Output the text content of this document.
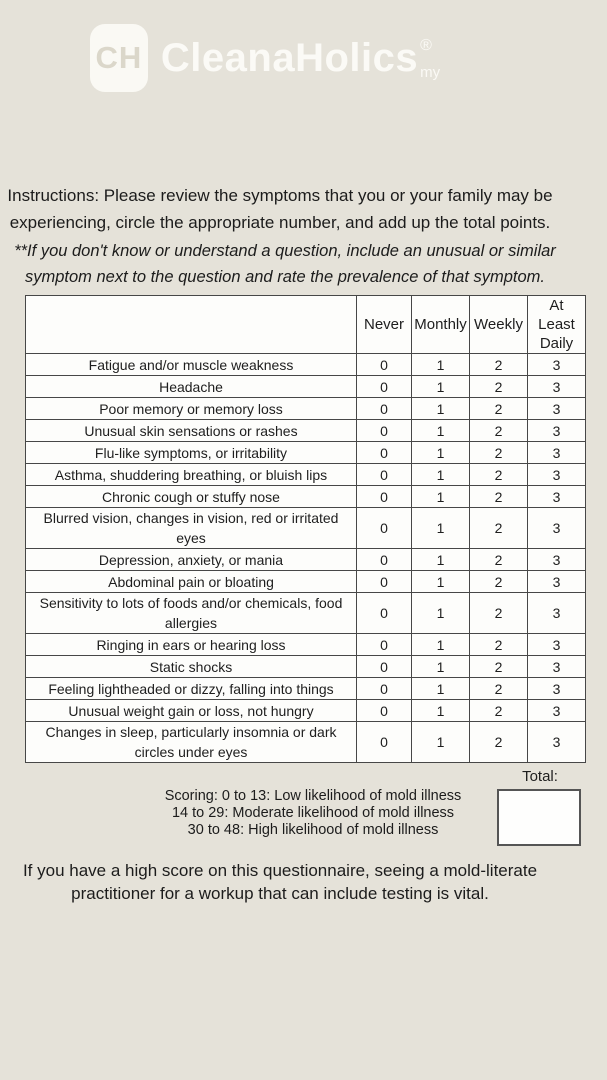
CH CleanaHolics ®
my
Instructions: Please review the symptoms that you or your family may be experiencing, circle the appropriate number, and add up the total points.
**If you don't know or understand a question, include an unusual or similar symptom next to the question and rate the prevalence of that symptom.
	Never	Monthly	Weekly	At Least Daily
Fatigue and/or muscle weakness	0	1	2	3
Headache	0	1	2	3
Poor memory or memory loss	0	1	2	3
Unusual skin sensations or rashes	0	1	2	3
Flu-like symptoms, or irritability	0	1	2	3
Asthma, shuddering breathing, or bluish lips	0	1	2	3
Chronic cough or stuffy nose	0	1	2	3
Blurred vision, changes in vision, red or irritated eyes	0	1	2	3
Depression, anxiety, or mania	0	1	2	3
Abdominal pain or bloating	0	1	2	3
Sensitivity to lots of foods and/or chemicals, food allergies	0	1	2	3
Ringing in ears or hearing loss	0	1	2	3
Static shocks	0	1	2	3
Feeling lightheaded or dizzy, falling into things	0	1	2	3
Unusual weight gain or loss, not hungry	0	1	2	3
Changes in sleep, particularly insomnia or dark circles under eyes	0	1	2	3
Total:
Scoring: 0 to 13: Low likelihood of mold illness
14 to 29: Moderate likelihood of mold illness
30 to 48: High likelihood of mold illness
If you have a high score on this questionnaire, seeing a mold-literate practitioner for a workup that can include testing is vital.
